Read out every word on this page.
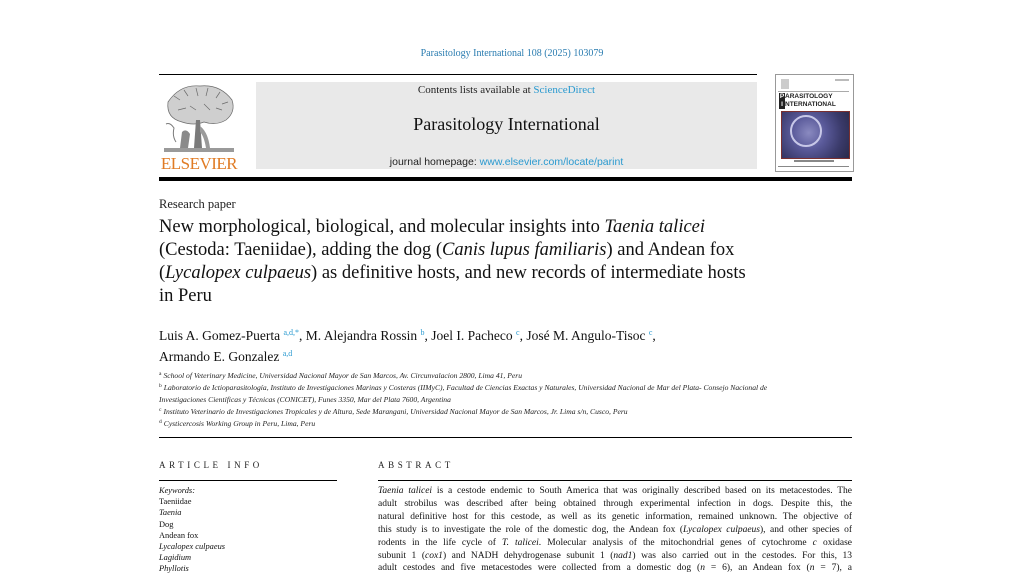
Parasitology International 108 (2025) 103079
ELSEVIER
Contents lists available at ScienceDirect
Parasitology International
journal homepage: www.elsevier.com/locate/parint
PARASITOLOGY
I NTERNATIONAL
Research paper
New morphological, biological, and molecular insights into Taenia talicei (Cestoda: Taeniidae), adding the dog (Canis lupus familiaris) and Andean fox (Lycalopex culpaeus) as definitive hosts, and new records of intermediate hosts in Peru
Luis A. Gomez-Puerta $^{a,d,*}$, M. Alejandra Rossin $^b$, Joel I. Pacheco $^c$, José M. Angulo-Tisoc $^c$,
Armando E. Gonzalez $^{a,d}$
$^a$ School of Veterinary Medicine, Universidad Nacional Mayor de San Marcos, Av. Circunvalacion 2800, Lima 41, Peru
$^b$ Laboratorio de Ictioparasitología, Instituto de Investigaciones Marinas y Costeras (IIMyC), Facultad de Ciencias Exactas y Naturales, Universidad Nacional de Mar del Plata- Consejo Nacional de Investigaciones Científicas y Técnicas (CONICET), Funes 3350, Mar del Plata 7600, Argentina
$^c$ Instituto Veterinario de Investigaciones Tropicales y de Altura, Sede Marangani, Universidad Nacional Mayor de San Marcos, Jr. Lima s/n, Cusco, Peru
$^d$ Cysticercosis Working Group in Peru, Lima, Peru
ARTICLE INFO
Keywords:
Taeniidae
Taenia
Dog
Andean fox
Lycalopex culpaeus
Lagidium
Phyllotis
ABSTRACT
Taenia talicei is a cestode endemic to South America that was originally described based on its metacestodes. The
adult strobilus was described after being obtained through experimental infection in dogs. Despite this, the
natural definitive host for this cestode, as well as its genetic information, remained unknown. The objective of
this study is to investigate the role of the domestic dog, the Andean fox (Lycalopex culpaeus), and other species of
rodents in the life cycle of T. talicei. Molecular analysis of the mitochondrial genes of cytochrome c oxidase
subunit 1 (cox1) and NADH dehydrogenase subunit 1 (nad1) was also carried out in the cestodes. For this, 13
adult cestodes and five metacestodes were collected from a domestic dog (n = 6), an Andean fox (n = 7), a
